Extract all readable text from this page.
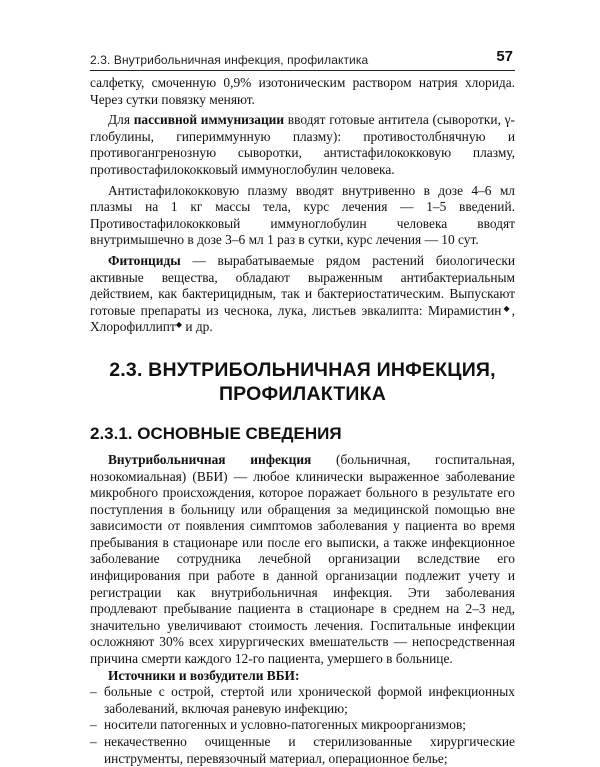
2.3. Внутрибольничная инфекция, профилактика	57

салфетку, смоченную 0,9% изотоническим раствором натрия хлорида. Через сутки повязку меняют.

Для пассивной иммунизации вводят готовые антитела (сыворотки, γ-глобулины, гипериммунную плазму): противостолбнячную и противогангренозную сыворотки, антистафилококковую плазму, противостафилококковый иммуноглобулин человека.

Антистафилококковую плазму вводят внутривенно в дозе 4–6 мл плазмы на 1 кг массы тела, курс лечения — 1–5 введений. Противостафилококковый иммуноглобулин человека вводят внутримышечно в дозе 3–6 мл 1 раз в сутки, курс лечения — 10 сут.

Фитонциды — вырабатываемые рядом растений биологически активные вещества, обладают выраженным антибактериальным действием, как бактерицидным, так и бактериостатическим. Выпускают готовые препараты из чеснока, лука, листьев эвкалипта: Мирамистин◆, Хлорофиллипт◆ и др.

2.3. ВНУТРИБОЛЬНИЧНАЯ ИНФЕКЦИЯ,
ПРОФИЛАКТИКА
2.3.1. ОСНОВНЫЕ СВЕДЕНИЯ

Внутрибольничная инфекция (больничная, госпитальная, нозокомиальная) (ВБИ) — любое клинически выраженное заболевание микробного происхождения, которое поражает больного в результате его поступления в больницу или обращения за медицинской помощью вне зависимости от появления симптомов заболевания у пациента во время пребывания в стационаре или после его выписки, а также инфекционное заболевание сотрудника лечебной организации вследствие его инфицирования при работе в данной организации подлежит учету и регистрации как внутрибольничная инфекция. Эти заболевания продлевают пребывание пациента в стационаре в среднем на 2–3 нед, значительно увеличивают стоимость лечения. Госпитальные инфекции осложняют 30% всех хирургических вмешательств — непосредственная причина смерти каждого 12-го пациента, умершего в больнице.

Источники и возбудители ВБИ:

– больные с острой, стертой или хронической формой инфекционных заболеваний, включая раневую инфекцию;
– носители патогенных и условно-патогенных микроорганизмов;
– некачественно очищенные и стерилизованные хирургические инструменты, перевязочный материал, операционное белье;
